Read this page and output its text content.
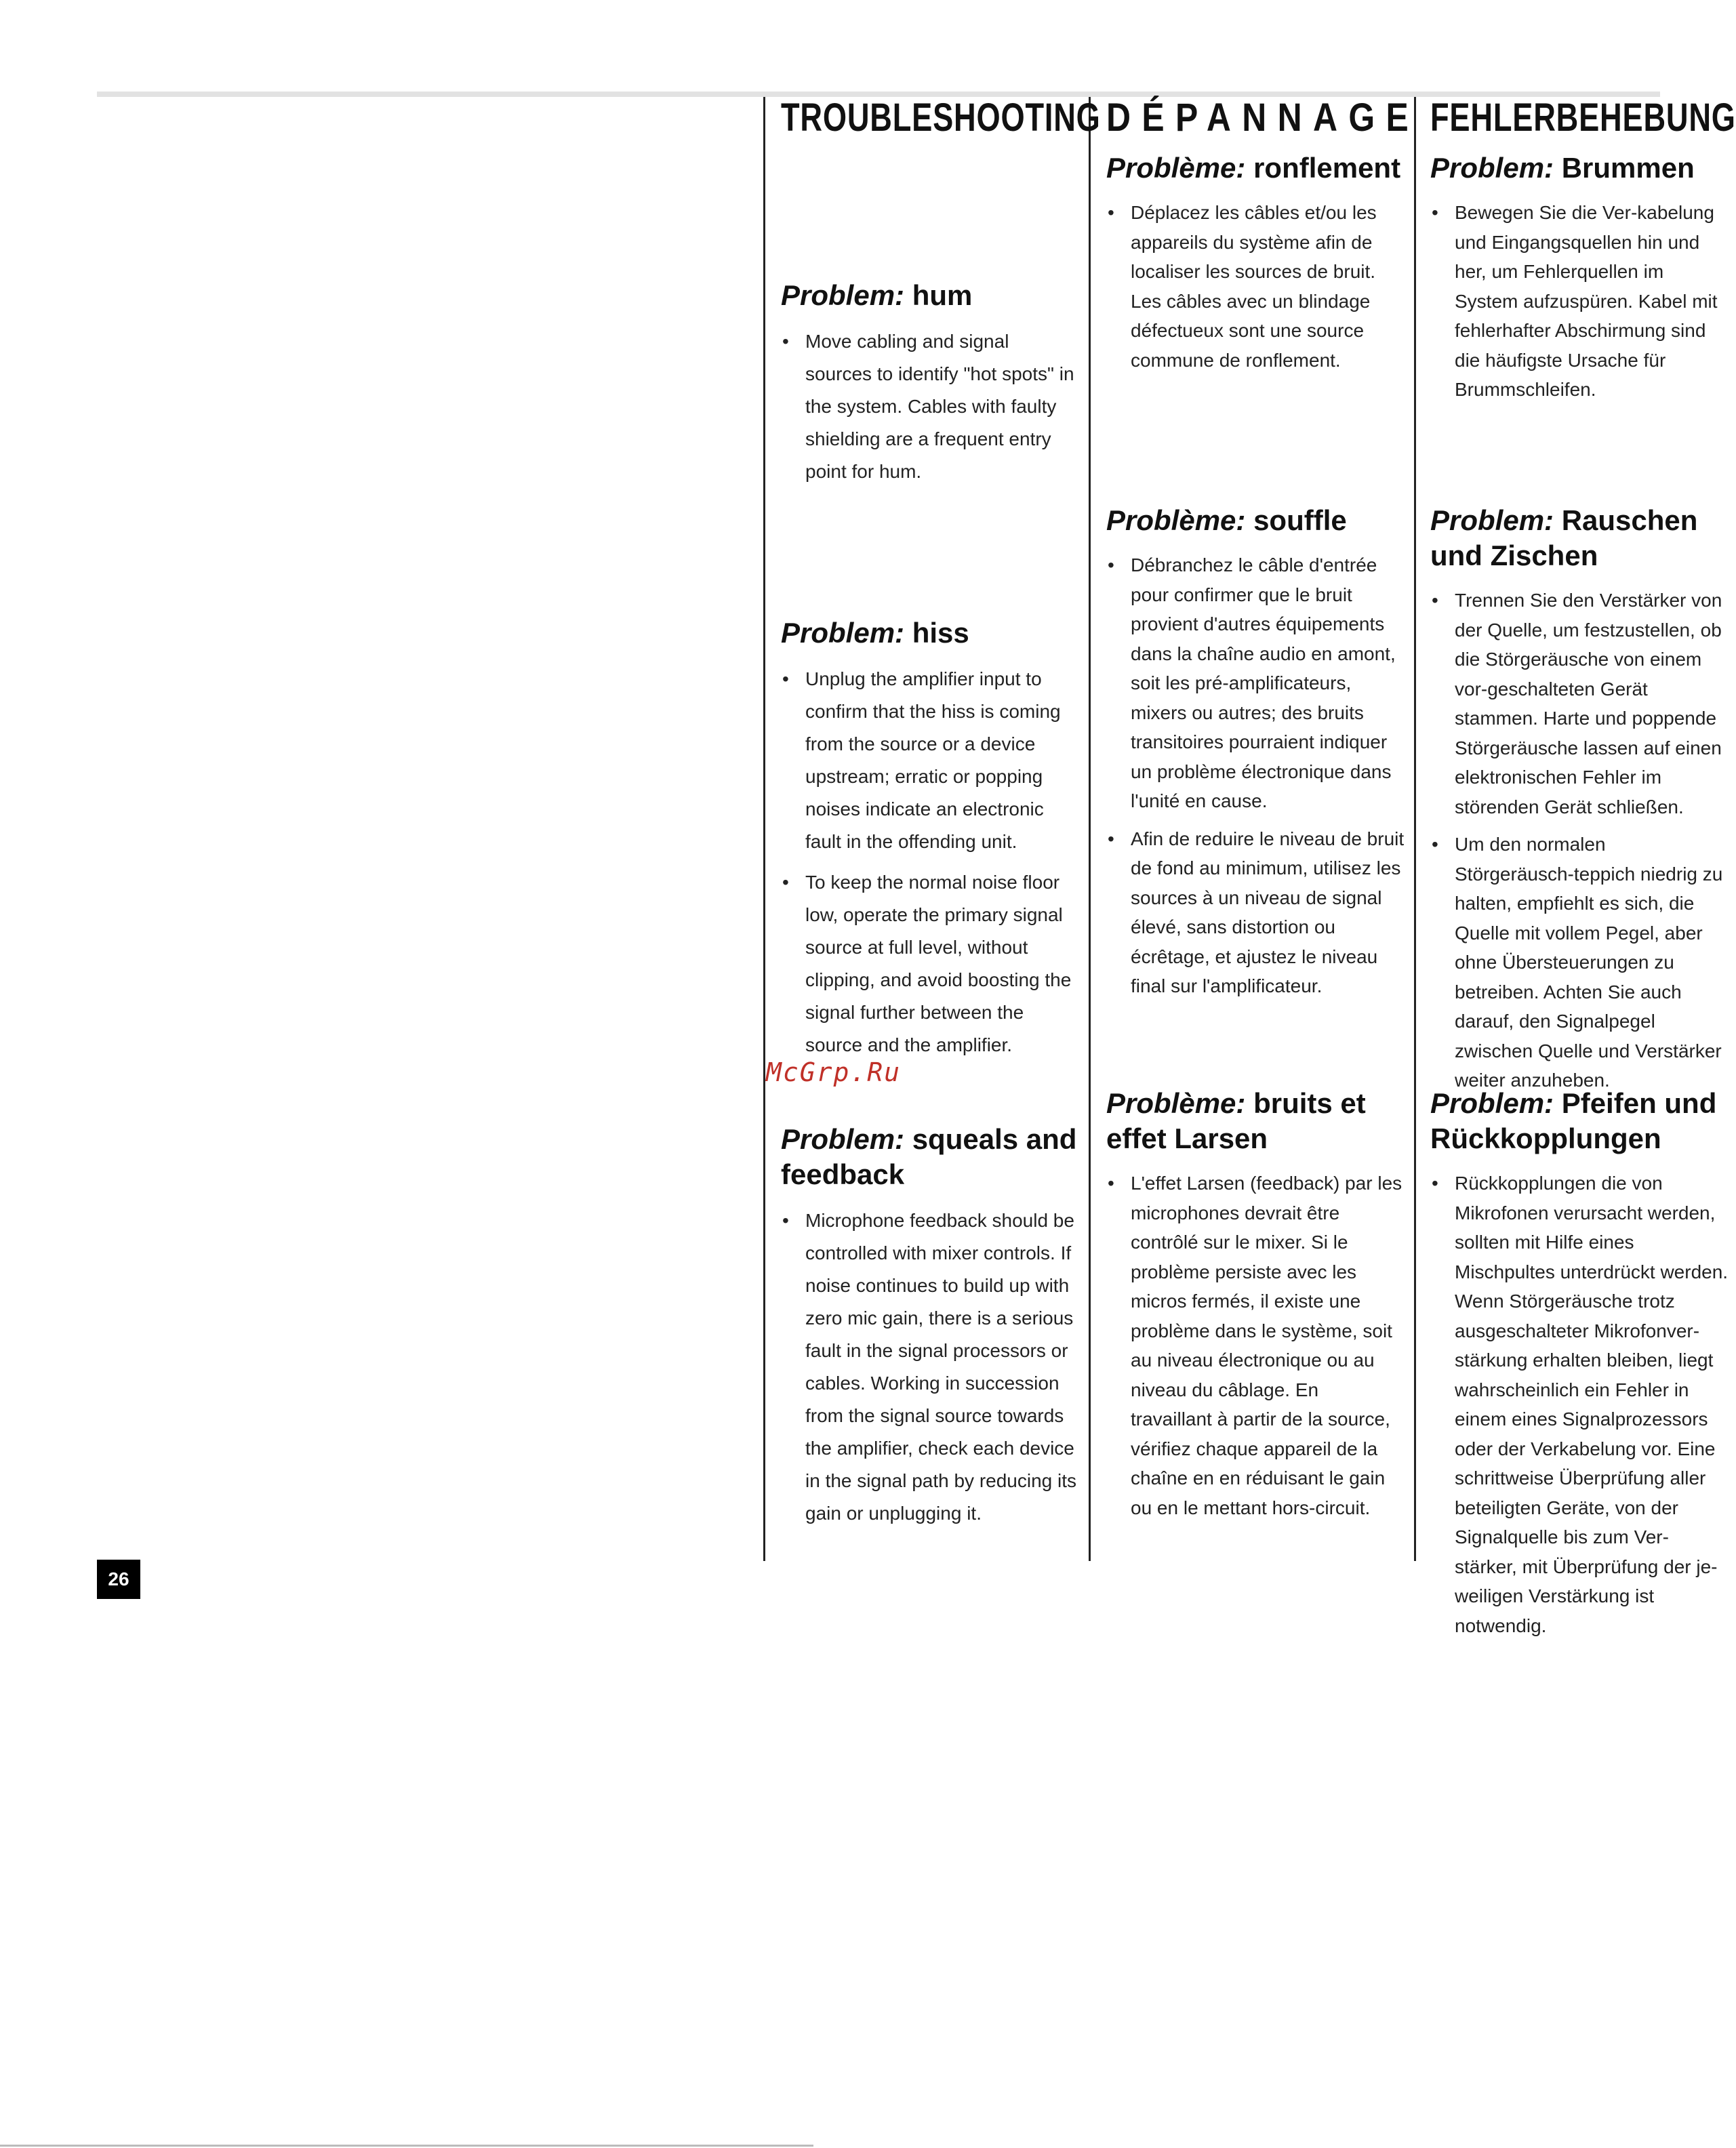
TROUBLESHOOTING
Problem: hum
• Move cabling and signal sources to identify "hot spots" in the system. Cables with faulty shielding are a frequent entry point for hum.
Problem: hiss
• Unplug the amplifier input to confirm that the hiss is coming from the source or a device upstream; erratic or popping noises indicate an electronic fault in the offending unit.
• To keep the normal noise floor low, operate the primary signal source at full level, without clipping, and avoid boosting the signal further between the source and the amplifier.
Problem: squeals and feedback
• Microphone feedback should be controlled with mixer controls. If noise continues to build up with zero mic gain, there is a serious fault in the signal processors or cables. Working in succession from the signal source towards the amplifier, check each device in the signal path by reducing its gain or unplugging it.
DÉPANNAGE
Problème: ronflement
• Déplacez les câbles et/ou les appareils du système afin de localiser les sources de bruit. Les câbles avec un blindage défectueux sont une source commune de ronflement.
Problème: souffle
• Débranchez le câble d'entrée pour confirmer que le bruit provient d'autres équipements dans la chaîne audio en amont, soit les pré-amplificateurs, mixers ou autres; des bruits transitoires pourraient indiquer un problème électronique dans l'unité en cause.
• Afin de reduire le niveau de bruit de fond au minimum, utilisez les sources à un niveau de signal élevé, sans distortion ou écrêtage, et ajustez le niveau final sur l'amplificateur.
Problème: bruits et effet Larsen
• L'effet Larsen (feedback) par les microphones devrait être contrôlé sur le mixer. Si le problème persiste avec les micros fermés, il existe une problème dans le système, soit au niveau électronique ou au niveau du câblage. En travaillant à partir de la source, vérifiez chaque appareil de la chaîne en en réduisant le gain ou en le mettant hors-circuit.
FEHLERBEHEBUNG
Problem: Brummen
• Bewegen Sie die Ver-kabelung und Eingangsquellen hin und her, um Fehlerquellen im System aufzuspüren. Kabel mit fehlerhafter Abschirmung sind die häufigste Ursache für Brummschleifen.
Problem: Rauschen und Zischen
• Trennen Sie den Verstärker von der Quelle, um festzustellen, ob die Störgeräusche von einem vor-geschalteten Gerät stammen. Harte und poppende Störgeräusche lassen auf einen elektronischen Fehler im störenden Gerät schließen.
• Um den normalen Störgeräusch-teppich niedrig zu halten, empfiehlt es sich, die Quelle mit vollem Pegel, aber ohne Übersteuerungen zu betreiben. Achten Sie auch darauf, den Signalpegel zwischen Quelle und Verstärker weiter anzuheben.
Problem: Pfeifen und Rückkopplungen
• Rückkopplungen die von Mikrofonen verursacht werden, sollten mit Hilfe eines Mischpultes unterdrückt werden. Wenn Störgeräusche trotz ausgeschalteter Mikrofonver-stärkung erhalten bleiben, liegt wahrscheinlich ein Fehler in einem eines Signalprozessors oder der Verkabelung vor. Eine schrittweise Überprüfung aller beteiligten Geräte, von der Signalquelle bis zum Ver-stärker, mit Überprüfung der je-weiligen Verstärkung ist notwendig.
McGrp.Ru
26
